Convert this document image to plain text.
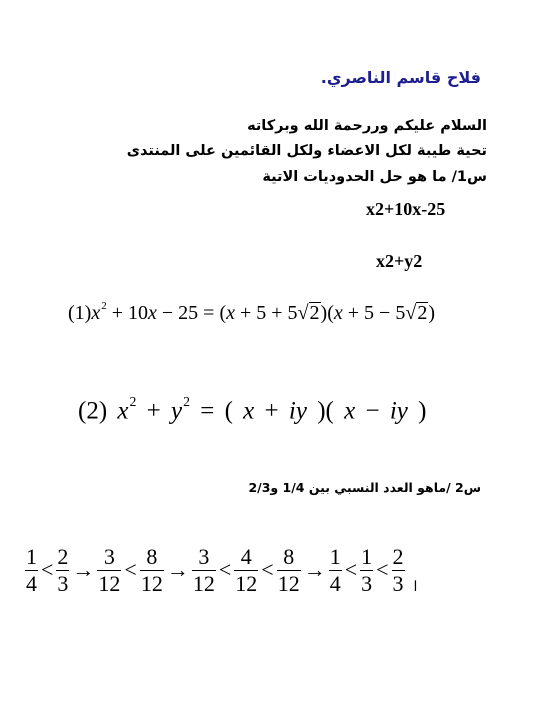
فلاح قاسم الناصري.
السلام عليكم وررحمة الله وبركاته
تحية طيبة لكل الاعضاء ولكل القائمين على المنتدى
س1/ ما هو حل الحدوديات الاتية
x2+10x-25
x2+y2
$(1)x^2 + 10x - 25 = (x + 5 + 5√2)(x + 5 - 5√2)$
(2) $x^2 + y^2$ = ( x + iy )( x − iy )
س2 /ماهو العدد النسبي بين 1/4 و2/3
$\frac{1}{4} < \frac{2}{3} \to \frac{3}{12} < \frac{8}{12} \to \frac{3}{12} < \frac{4}{12} < \frac{8}{12} \to \frac{1}{4} < \frac{1}{3} < \frac{2}{3}$ ا
